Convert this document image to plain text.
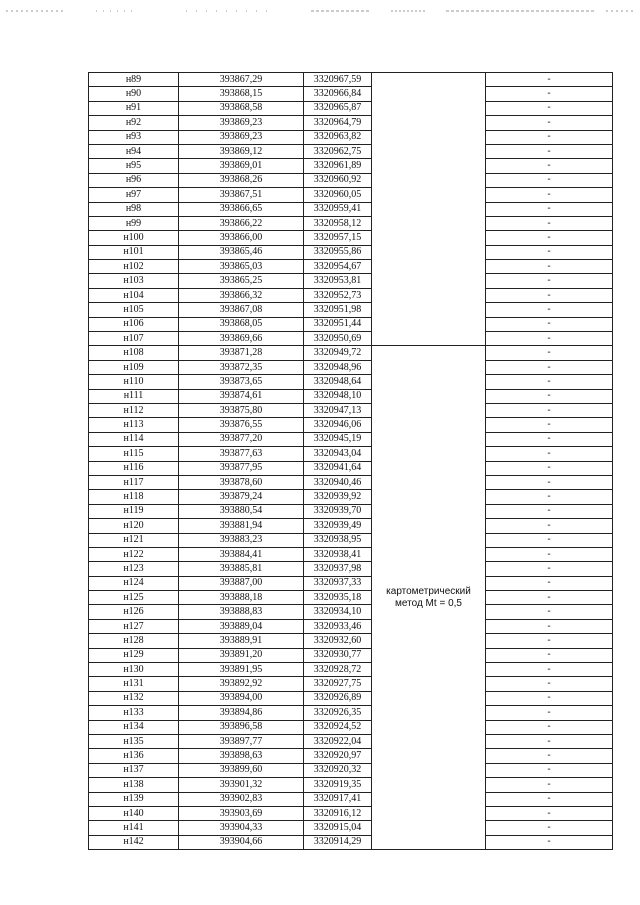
н89	393867,29	3320967,59		-
н90	393868,15	3320966,84		-
н91	393868,58	3320965,87		-
н92	393869,23	3320964,79		-
н93	393869,23	3320963,82		-
н94	393869,12	3320962,75		-
н95	393869,01	3320961,89		-
н96	393868,26	3320960,92		-
н97	393867,51	3320960,05		-
н98	393866,65	3320959,41		-
н99	393866,22	3320958,12		-
н100	393866,00	3320957,15		-
н101	393865,46	3320955,86		-
н102	393865,03	3320954,67		-
н103	393865,25	3320953,81		-
н104	393866,32	3320952,73		-
н105	393867,08	3320951,98		-
н106	393868,05	3320951,44		-
н107	393869,66	3320950,69		-
н108	393871,28	3320949,72	картометрический
метод Mt = 0,5	-
н109	393872,35	3320948,96		-
н110	393873,65	3320948,64		-
н111	393874,61	3320948,10		-
н112	393875,80	3320947,13		-
н113	393876,55	3320946,06		-
н114	393877,20	3320945,19		-
н115	393877,63	3320943,04		-
н116	393877,95	3320941,64		-
н117	393878,60	3320940,46		-
н118	393879,24	3320939,92		-
н119	393880,54	3320939,70		-
н120	393881,94	3320939,49		-
н121	393883,23	3320938,95		-
н122	393884,41	3320938,41		-
н123	393885,81	3320937,98		-
н124	393887,00	3320937,33		-
н125	393888,18	3320935,18		-
н126	393888,83	3320934,10		-
н127	393889,04	3320933,46		-
н128	393889,91	3320932,60		-
н129	393891,20	3320930,77		-
н130	393891,95	3320928,72		-
н131	393892,92	3320927,75		-
н132	393894,00	3320926,89		-
н133	393894,86	3320926,35		-
н134	393896,58	3320924,52		-
н135	393897,77	3320922,04		-
н136	393898,63	3320920,97		-
н137	393899,60	3320920,32		-
н138	393901,32	3320919,35		-
н139	393902,83	3320917,41		-
н140	393903,69	3320916,12		-
н141	393904,33	3320915,04		-
н142	393904,66	3320914,29		-
